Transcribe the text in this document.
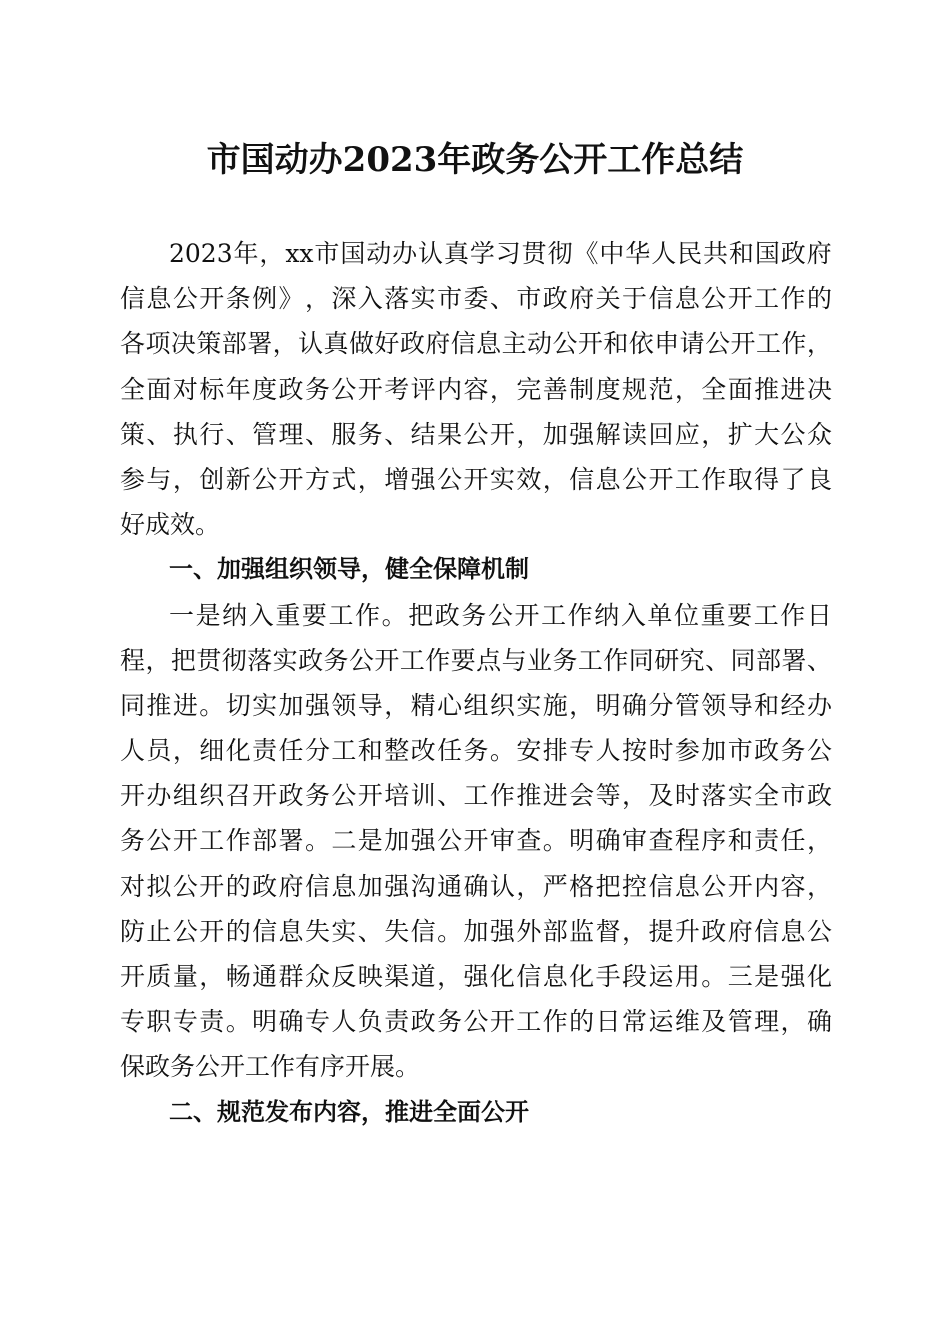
市国动办2023年政务公开工作总结
2023 年 ， xx 市 国 动 办 认 真 学 习 贯 彻 《 中 华 人 民 共 和 国 政 府
信 息 公 开 条 例 》 ， 深 入 落 实 市 委 、 市 政 府 关 于 信 息 公 开 工 作 的
各 项 决 策 部 署 ， 认 真 做 好 政 府 信 息 主 动 公 开 和 依 申 请 公 开 工 作 ，
全 面 对 标 年 度 政 务 公 开 考 评 内 容 ， 完 善 制 度 规 范 ， 全 面 推 进 决
策 、 执 行 、 管 理 、 服 务 、 结 果 公 开 ， 加 强 解 读 回 应 ， 扩 大 公 众
参 与 ， 创 新 公 开 方 式 ， 增 强 公 开 实 效 ， 信 息 公 开 工 作 取 得 了 良
好成效。
一、加强组织领导，健全保障机制
一 是 纳 入 重 要 工 作 。 把 政 务 公 开 工 作 纳 入 单 位 重 要 工 作 日
程 ， 把 贯 彻 落 实 政 务 公 开 工 作 要 点 与 业 务 工 作 同 研 究 、 同 部 署 、
同 推 进 。 切 实 加 强 领 导 ， 精 心 组 织 实 施 ， 明 确 分 管 领 导 和 经 办
人 员 ， 细 化 责 任 分 工 和 整 改 任 务 。 安 排 专 人 按 时 参 加 市 政 务 公
开 办 组 织 召 开 政 务 公 开 培 训 、 工 作 推 进 会 等 ， 及 时 落 实 全 市 政
务 公 开 工 作 部 署 。 二 是 加 强 公 开 审 查 。 明 确 审 查 程 序 和 责 任 ，
对 拟 公 开 的 政 府 信 息 加 强 沟 通 确 认 ， 严 格 把 控 信 息 公 开 内 容 ，
防 止 公 开 的 信 息 失 实 、 失 信 。 加 强 外 部 监 督 ， 提 升 政 府 信 息 公
开 质 量 ， 畅 通 群 众 反 映 渠 道 ， 强 化 信 息 化 手 段 运 用 。 三 是 强 化
专 职 专 责 。 明 确 专 人 负 责 政 务 公 开 工 作 的 日 常 运 维 及 管 理 ， 确
保政务公开工作有序开展。
二、规范发布内容，推进全面公开
